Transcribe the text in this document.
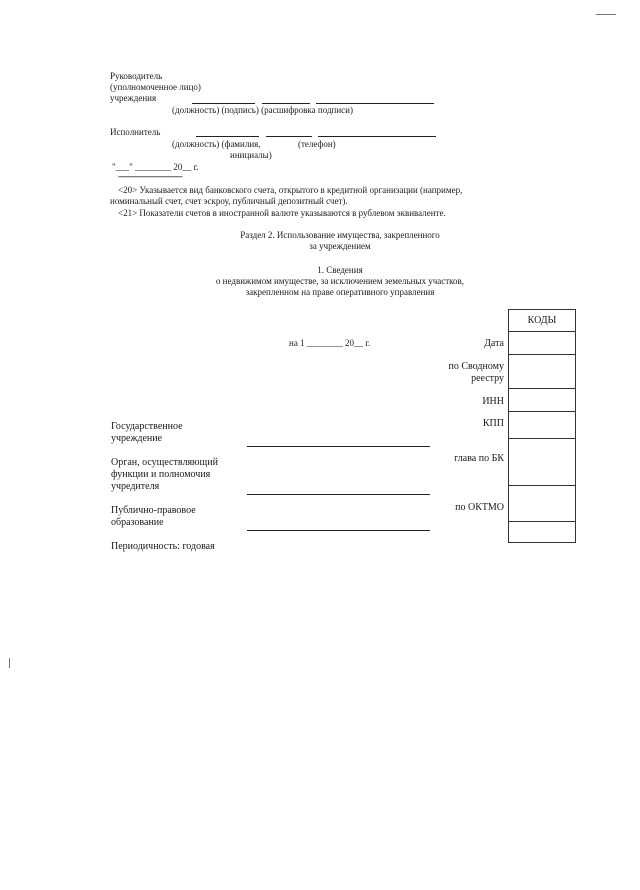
Руководитель
(уполномоченное лицо)
учреждения
(должность) (подпись) (расшифровка подписи)
Исполнитель
(должность) (фамилия,	(телефон)
инициалы)
"___" ________ 20__ г.
--------------------------------
<20> Указывается вид банковского счета, открытого в кредитной организации (например,
номинальный счет, счет эскроу, публичный депозитный счет).
<21> Показатели счетов в иностранной валюте указываются в рублевом эквиваленте.
Раздел 2. Использование имущества, закрепленного
за учреждением
1. Сведения
о недвижимом имуществе, за исключением земельных участков,
закрепленном на праве оперативного управления
КОДЫ

на 1 ________ 20__ г.	Дата
по Сводному
реестру
ИНН
КПП
глава по БК
по ОКТМО
Государственное
учреждение
Орган, осуществляющий
функции и полномочия
учредителя
Публично-правовое
образование
Периодичность: годовая
